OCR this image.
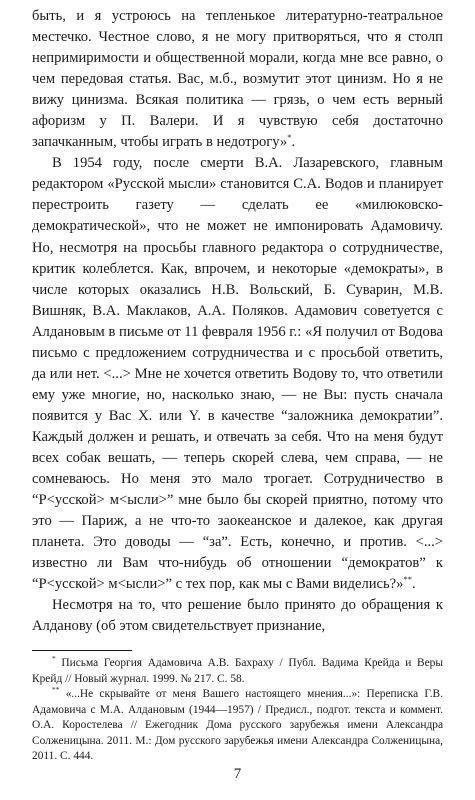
быть, и я устроюсь на тепленькое литературно-театральное местечко. Честное слово, я не могу притворяться, что я столп непримиримости и общественной морали, когда мне все равно, о чем передовая статья. Вас, м.б., возмутит этот цинизм. Но я не вижу цинизма. Всякая политика — грязь, о чем есть верный афоризм у П. Валери. И я чувствую себя достаточно запачканным, чтобы играть в недотрогу»*.

В 1954 году, после смерти В.А. Лазаревского, главным редактором «Русской мысли» становится С.А. Водов и планирует перестроить газету — сделать ее «милюковско-демократической», что не может не импонировать Адамовичу. Но, несмотря на просьбы главного редактора о сотрудничестве, критик колеблется. Как, впрочем, и некоторые «демократы», в числе которых оказались Н.В. Вольский, Б. Суварин, М.В. Вишняк, В.А. Маклаков, А.А. Поляков. Адамович советуется с Алдановым в письме от 11 февраля 1956 г.: «Я получил от Водова письмо с предложением сотрудничества и с просьбой ответить, да или нет. <...> Мне не хочется ответить Водову то, что ответили ему уже многие, но, насколько знаю, — не Вы: пусть сначала появится у Вас Х. или Y. в качестве “заложника демократии”. Каждый должен и решать, и отвечать за себя. Что на меня будут всех собак вешать, — теперь скорей слева, чем справа, — не сомневаюсь. Но меня это мало трогает. Сотрудничество в “Р<усской> м<ысли>” мне было бы скорей приятно, потому что это — Париж, а не что-то заокеанское и далекое, как другая планета. Это доводы — “за”. Есть, конечно, и против. <...> известно ли Вам что-нибудь об отношении “демократов” к “Р<усской> м<ысли>” с тех пор, как мы с Вами виделись?»**.

Несмотря на то, что решение было принято до обращения к Алданову (об этом свидетельствует признание,

* Письма Георгия Адамовича А.В. Бахраху / Публ. Вадима Крейда и Веры Крейд // Новый журнал. 1999. № 217. С. 58.

** «...Не скрывайте от меня Вашего настоящего мнения...»: Переписка Г.В. Адамовича с М.А. Алдановым (1944—1957) / Предисл., подгот. текста и коммент. О.А. Коростелева // Ежегодник Дома русского зарубежья имени Александра Солженицына. 2011. М.: Дом русского зарубежья имени Александра Солженицына, 2011. С. 444.

7
